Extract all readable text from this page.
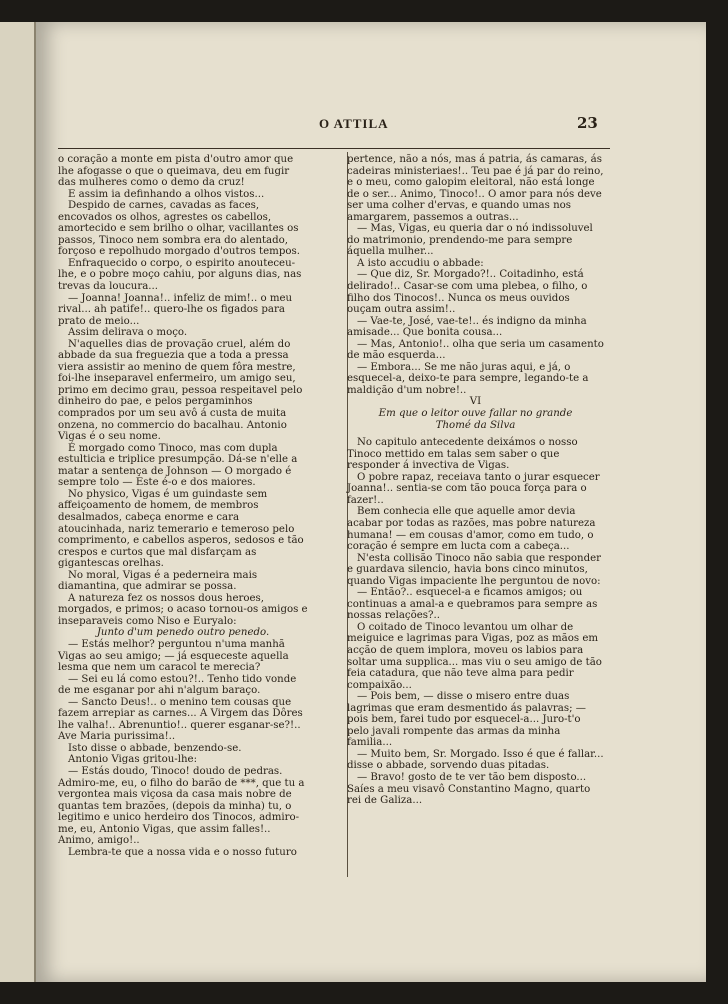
O ATTILA	23

o coração a monte em pista d'outro amor que lhe afogasse o que o queimava, deu em fugir das mulheres como o demo da cruz!

E assim ia definhando a olhos vistos...

Despido de carnes, cavadas as faces, encovados os olhos, agrestes os cabellos, amortecido e sem brilho o olhar, vacillantes os passos, Tinoco nem sombra era do alentado, forçoso e repolhudo morgado d'outros tempos.

Enfraquecido o corpo, o espirito anouteceu-lhe, e o pobre moço cahiu, por alguns dias, nas trevas da loucura...

— Joanna! Joanna!.. infeliz de mim!.. o meu rival... ah patife!.. quero-lhe os figados para prato de meio...

Assim delirava o moço.

N'aquelles dias de provação cruel, além do abbade da sua freguezia que a toda a pressa viera assistir ao menino de quem fôra mestre, foi-lhe inseparavel enfermeiro, um amigo seu, primo em decimo grau, pessoa respeitavel pelo dinheiro do pae, e pelos pergaminhos comprados por um seu avô á custa de muita onzena, no commercio do bacalhau. Antonio Vigas é o seu nome.

É morgado como Tinoco, mas com dupla estulticia e triplice presumpção. Dá-se n'elle a matar a sentença de Johnson — O morgado é sempre tolo — Este é-o e dos maiores.

No physico, Vigas é um guindaste sem affeiçoamento de homem, de membros desalmados, cabeça enorme e cara atoucinhada, nariz temerario e temeroso pelo comprimento, e cabellos asperos, sedosos e tão crespos e curtos que mal disfarçam as gigantescas orelhas.

No moral, Vigas é a pederneira mais diamantina, que admirar se possa.

A natureza fez os nossos dous heroes, morgados, e primos; o acaso tornou-os amigos e inseparaveis como Niso e Euryalo:

Junto d'um penedo outro penedo.

— Estás melhor? perguntou n'uma manhã Vigas ao seu amigo; — já esqueceste aquella lesma que nem um caracol te merecia?

— Sei eu lá como estou?!.. Tenho tido vonde de me esganar por ahi n'algum baraço.

— Sancto Deus!.. o menino tem cousas que fazem arrepiar as carnes... A Virgem das Dôres lhe valha!.. Abrenuntio!.. querer esganar-se?!.. Ave Maria purissima!..

Isto disse o abbade, benzendo-se.

Antonio Vigas gritou-lhe:

— Estás doudo, Tinoco! doudo de pedras. Admiro-me, eu, o filho do barão de ***, que tu a vergontea mais viçosa da casa mais nobre de quantas tem brazões, (depois da minha) tu, o legitimo e unico herdeiro dos Tinocos, admiro-me, eu, Antonio Vigas, que assim falles!.. Animo, amigo!..

Lembra-te que a nossa vida e o nosso futuro

pertence, não a nós, mas á patria, ás camaras, ás cadeiras ministeriaes!.. Teu pae é já par do reino, e o meu, como galopim eleitoral, não está longe de o ser... Animo, Tinoco!.. O amor para nós deve ser uma colher d'ervas, e quando umas nos amargarem, passemos a outras...

— Mas, Vigas, eu queria dar o nó indissoluvel do matrimonio, prendendo-me para sempre áquella mulher...

A isto accudiu o abbade:

— Que diz, Sr. Morgado?!.. Coitadinho, está delirado!.. Casar-se com uma plebea, o filho, o filho dos Tinocos!.. Nunca os meus ouvidos ouçam outra assim!..

— Vae-te, José, vae-te!.. és indigno da minha amisade... Que bonita cousa...

— Mas, Antonio!.. olha que seria um casamento de mão esquerda...

— Embora... Se me não juras aqui, e já, o esquecel-a, deixo-te para sempre, legando-te a maldição d'um nobre!..

VI

Em que o leitor ouve fallar no grande

Thomé da Silva

No capitulo antecedente deixámos o nosso Tinoco mettido em talas sem saber o que responder á invectiva de Vigas.

O pobre rapaz, receiava tanto o jurar esquecer Joanna!.. sentia-se com tão pouca força para o fazer!..

Bem conhecia elle que aquelle amor devia acabar por todas as razões, mas pobre natureza humana! — em cousas d'amor, como em tudo, o coração é sempre em lucta com a cabeça...

N'esta collisão Tinoco não sabia que responder e guardava silencio, havia bons cinco minutos, quando Vigas impaciente lhe perguntou de novo:

— Então?.. esquecel-a e ficamos amigos; ou continuas a amal-a e quebramos para sempre as nossas relações?..

O coitado de Tinoco levantou um olhar de meiguice e lagrimas para Vigas, poz as mãos em acção de quem implora, moveu os labios para soltar uma supplica... mas viu o seu amigo de tão feia catadura, que não teve alma para pedir compaixão...

— Pois bem, — disse o misero entre duas lagrimas que eram desmentido ás palavras; — pois bem, farei tudo por esquecel-a... Juro-t'o pelo javali rompente das armas da minha familia...

— Muito bem, Sr. Morgado. Isso é que é fallar... disse o abbade, sorvendo duas pitadas.

— Bravo! gosto de te ver tão bem disposto... Saíes a meu visavô Constantino Magno, quarto rei de Galiza...
